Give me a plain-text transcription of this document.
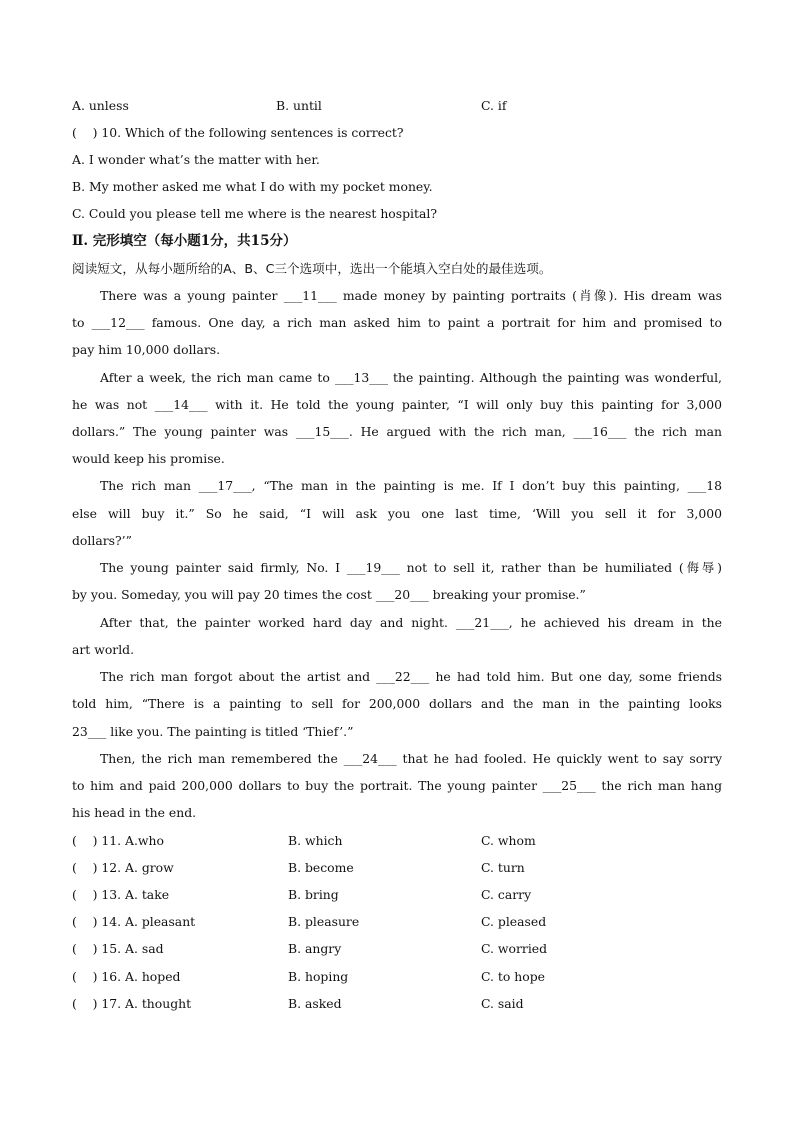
A. unless	B. until	C. if
(    ) 10. Which of the following sentences is correct?
A. I wonder what’s the matter with her.
B. My mother asked me what I do with my pocket money.
C. Could you please tell me where is the nearest hospital?
Ⅱ. 完形填空（每小题1分，共15分）
阅读短文，从每小题所给的A、B、C三个选项中，选出一个能填入空白处的最佳选项。
There was a young painter ___11___ made money by painting portraits (肖像). His dream was
to ___12___ famous. One day, a rich man asked him to paint a portrait for him and promised to
pay him 10,000 dollars.
After a week, the rich man came to ___13___ the painting. Although the painting was wonderful,
he was not ___14___ with it. He told the young painter, “I will only buy this painting for 3,000
dollars.” The young painter was ___15___. He argued with the rich man, ___16___ the rich man
would keep his promise.
The rich man ___17___, “The man in the painting is me. If I don’t buy this painting, ___18
else will buy it.” So he said, “I will ask you one last time, ‘Will you sell it for 3,000
dollars?’”
The young painter said firmly, No. I ___19___ not to sell it, rather than be humiliated (侮辱)
by you. Someday, you will pay 20 times the cost ___20___ breaking your promise.”
After that, the painter worked hard day and night. ___21___, he achieved his dream in the
art world.
The rich man forgot about the artist and ___22___ he had told him. But one day, some friends
told him, “There is a painting to sell for 200,000 dollars and the man in the painting looks
23___ like you. The painting is titled ‘Thief’.”
Then, the rich man remembered the ___24___ that he had fooled. He quickly went to say sorry
to him and paid 200,000 dollars to buy the portrait. The young painter ___25___ the rich man hang
his head in the end.
(    ) 11. A.who	B. which	C. whom
(    ) 12. A. grow	B. become	C. turn
(    ) 13. A. take	B. bring	C. carry
(    ) 14. A. pleasant	B. pleasure	C. pleased
(    ) 15. A. sad	B. angry	C. worried
(    ) 16. A. hoped	B. hoping	C. to hope
(    ) 17. A. thought	B. asked	C. said
